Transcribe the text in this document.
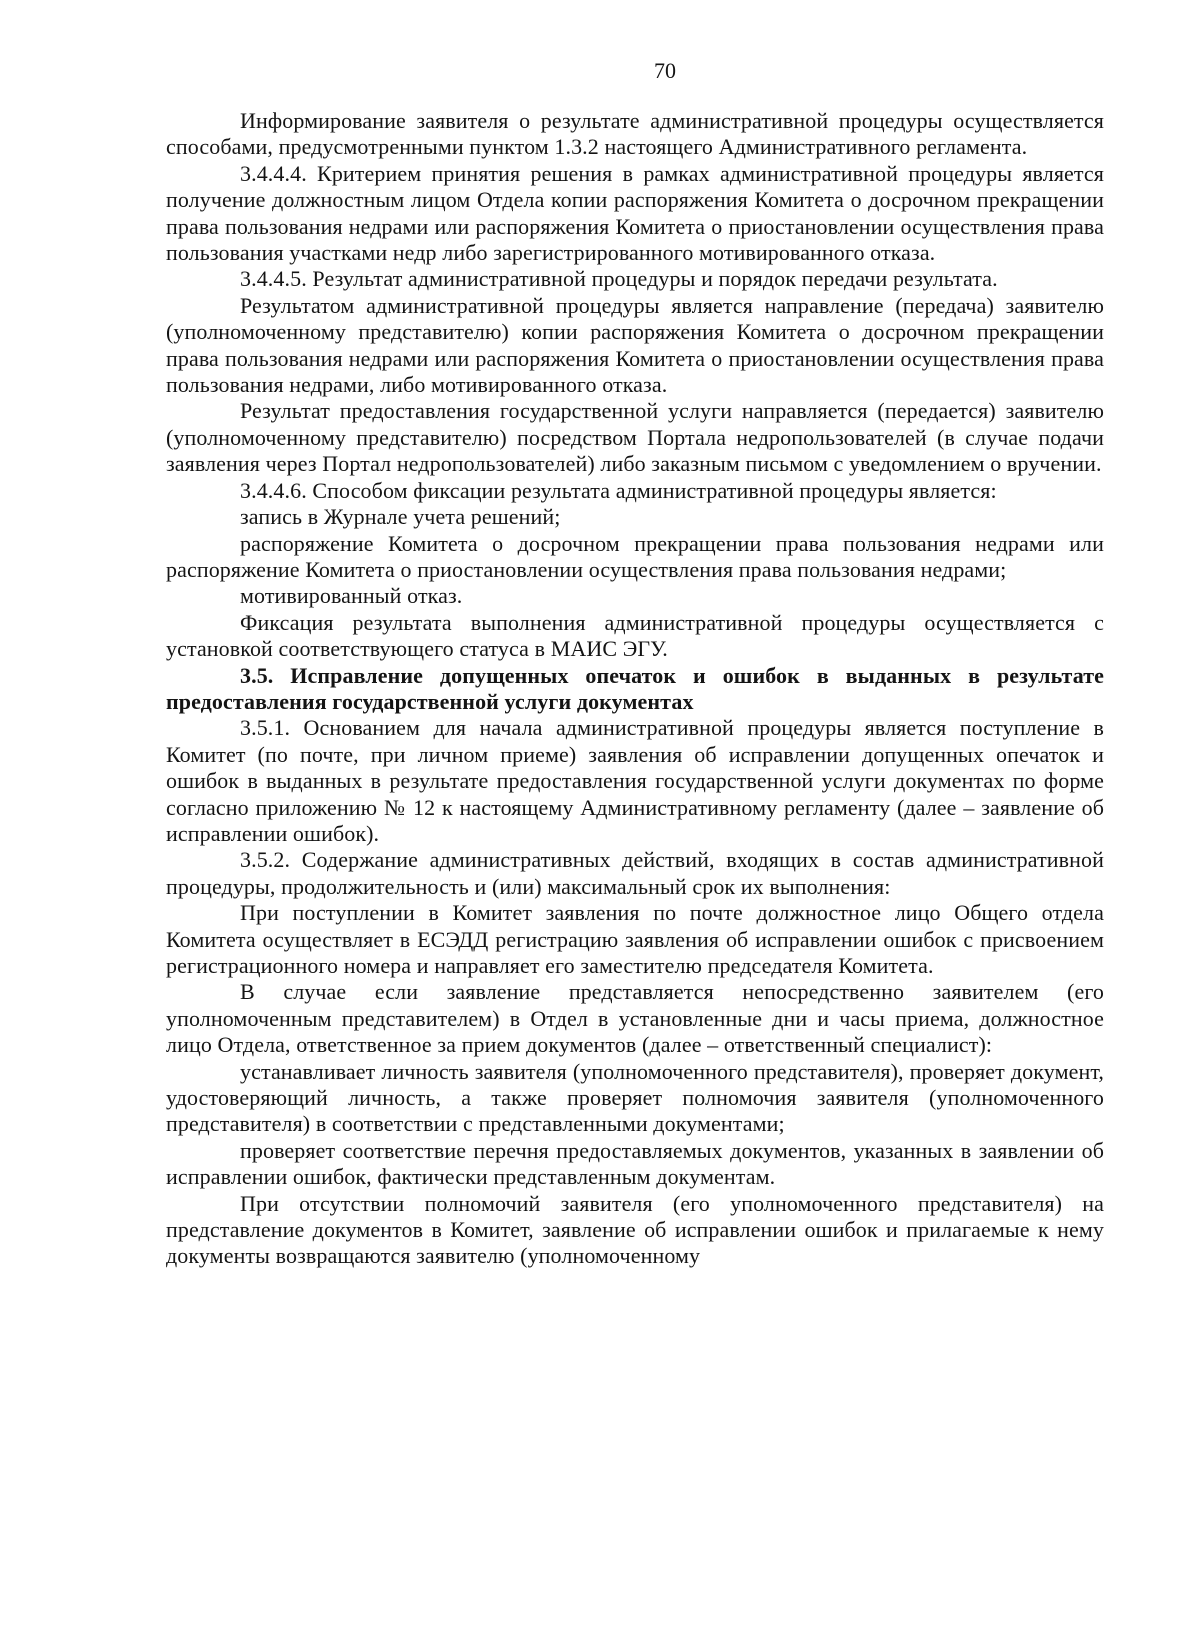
70

Информирование заявителя о результате административной процедуры осуществляется способами, предусмотренными пунктом 1.3.2 настоящего Административного регламента.

3.4.4.4. Критерием принятия решения в рамках административной процедуры является получение должностным лицом Отдела копии распоряжения Комитета о досрочном прекращении права пользования недрами или распоряжения Комитета о приостановлении осуществления права пользования участками недр либо зарегистрированного мотивированного отказа.

3.4.4.5. Результат административной процедуры и порядок передачи результата.

Результатом административной процедуры является направление (передача) заявителю (уполномоченному представителю) копии распоряжения Комитета о досрочном прекращении права пользования недрами или распоряжения Комитета о приостановлении осуществления права пользования недрами, либо мотивированного отказа.

Результат предоставления государственной услуги направляется (передается) заявителю (уполномоченному представителю) посредством Портала недропользователей (в случае подачи заявления через Портал недропользователей) либо заказным письмом с уведомлением о вручении.

3.4.4.6. Способом фиксации результата административной процедуры является:

запись в Журнале учета решений;

распоряжение Комитета о досрочном прекращении права пользования недрами или распоряжение Комитета о приостановлении осуществления права пользования недрами;

мотивированный отказ.

Фиксация результата выполнения административной процедуры осуществляется с установкой соответствующего статуса в МАИС ЭГУ.

3.5. Исправление допущенных опечаток и ошибок в выданных в результате предоставления государственной услуги документах

3.5.1. Основанием для начала административной процедуры является поступление в Комитет (по почте, при личном приеме) заявления об исправлении допущенных опечаток и ошибок в выданных в результате предоставления государственной услуги документах по форме согласно приложению № 12 к настоящему Административному регламенту (далее – заявление об исправлении ошибок).

3.5.2. Содержание административных действий, входящих в состав административной процедуры, продолжительность и (или) максимальный срок их выполнения:

При поступлении в Комитет заявления по почте должностное лицо Общего отдела Комитета осуществляет в ЕСЭДД регистрацию заявления об исправлении ошибок с присвоением регистрационного номера и направляет его заместителю председателя Комитета.

В случае если заявление представляется непосредственно заявителем (его уполномоченным представителем) в Отдел в установленные дни и часы приема, должностное лицо Отдела, ответственное за прием документов (далее – ответственный специалист):

устанавливает личность заявителя (уполномоченного представителя), проверяет документ, удостоверяющий личность, а также проверяет полномочия заявителя (уполномоченного представителя) в соответствии с представленными документами;

проверяет соответствие перечня предоставляемых документов, указанных в заявлении об исправлении ошибок, фактически представленным документам.

При отсутствии полномочий заявителя (его уполномоченного представителя) на представление документов в Комитет, заявление об исправлении ошибок и прилагаемые к нему документы возвращаются заявителю (уполномоченному
